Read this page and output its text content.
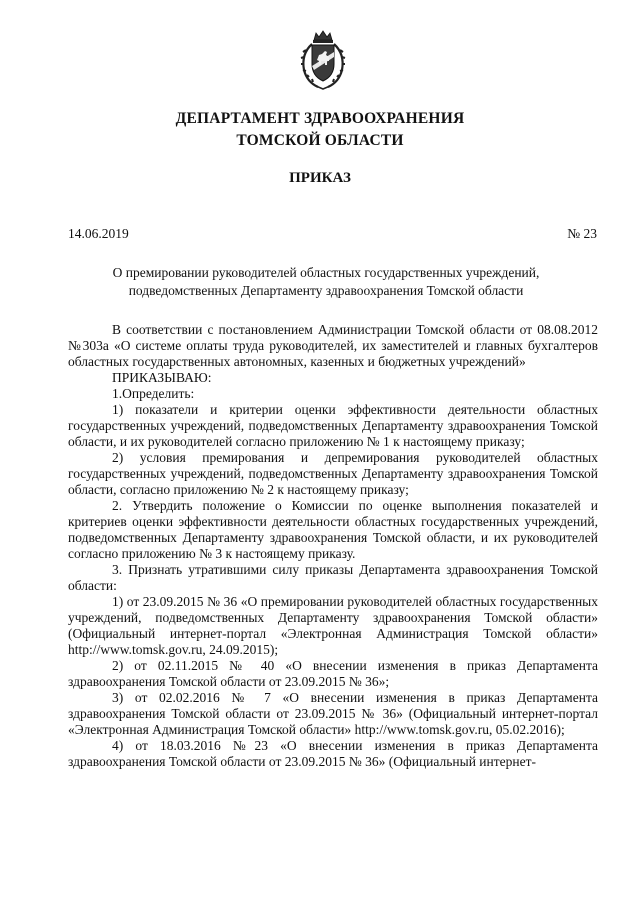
ДЕПАРТАМЕНТ ЗДРАВООХРАНЕНИЯ
ТОМСКОЙ ОБЛАСТИ
ПРИКАЗ
14.06.2019	№ 23
О премировании руководителей областных государственных учреждений,
подведомственных Департаменту здравоохранения Томской области

В соответствии с постановлением Администрации Томской области от 08.08.2012 №303а «О системе оплаты труда руководителей, их заместителей и главных бухгалтеров областных государственных автономных, казенных и бюджетных учреждений»

ПРИКАЗЫВАЮ:

1.Определить:

1) показатели и критерии оценки эффективности деятельности областных государственных учреждений, подведомственных Департаменту здравоохранения Томской области, и их руководителей согласно приложению № 1 к настоящему приказу;

2) условия премирования и депремирования руководителей областных государственных учреждений, подведомственных Департаменту здравоохранения Томской области, согласно приложению № 2 к настоящему приказу;

2. Утвердить положение о Комиссии по оценке выполнения показателей и критериев оценки эффективности деятельности областных государственных учреждений, подведомственных Департаменту здравоохранения Томской области, и их руководителей согласно приложению № 3 к настоящему приказу.

3. Признать утратившими силу приказы Департамента здравоохранения Томской области:

1) от 23.09.2015 № 36 «О премировании руководителей областных государственных учреждений, подведомственных Департаменту здравоохранения Томской области» (Официальный интернет-портал «Электронная Администрация Томской области» http://www.tomsk.gov.ru, 24.09.2015);

2) от 02.11.2015 № 40 «О внесении изменения в приказ Департамента здравоохранения Томской области от 23.09.2015 № 36»;

3) от 02.02.2016 № 7 «О внесении изменения в приказ Департамента здравоохранения Томской области от 23.09.2015 № 36» (Официальный интернет-портал «Электронная Администрация Томской области» http://www.tomsk.gov.ru, 05.02.2016);

4) от 18.03.2016 №23 «О внесении изменения в приказ Департамента здравоохранения Томской области от 23.09.2015 № 36» (Официальный интернет-
